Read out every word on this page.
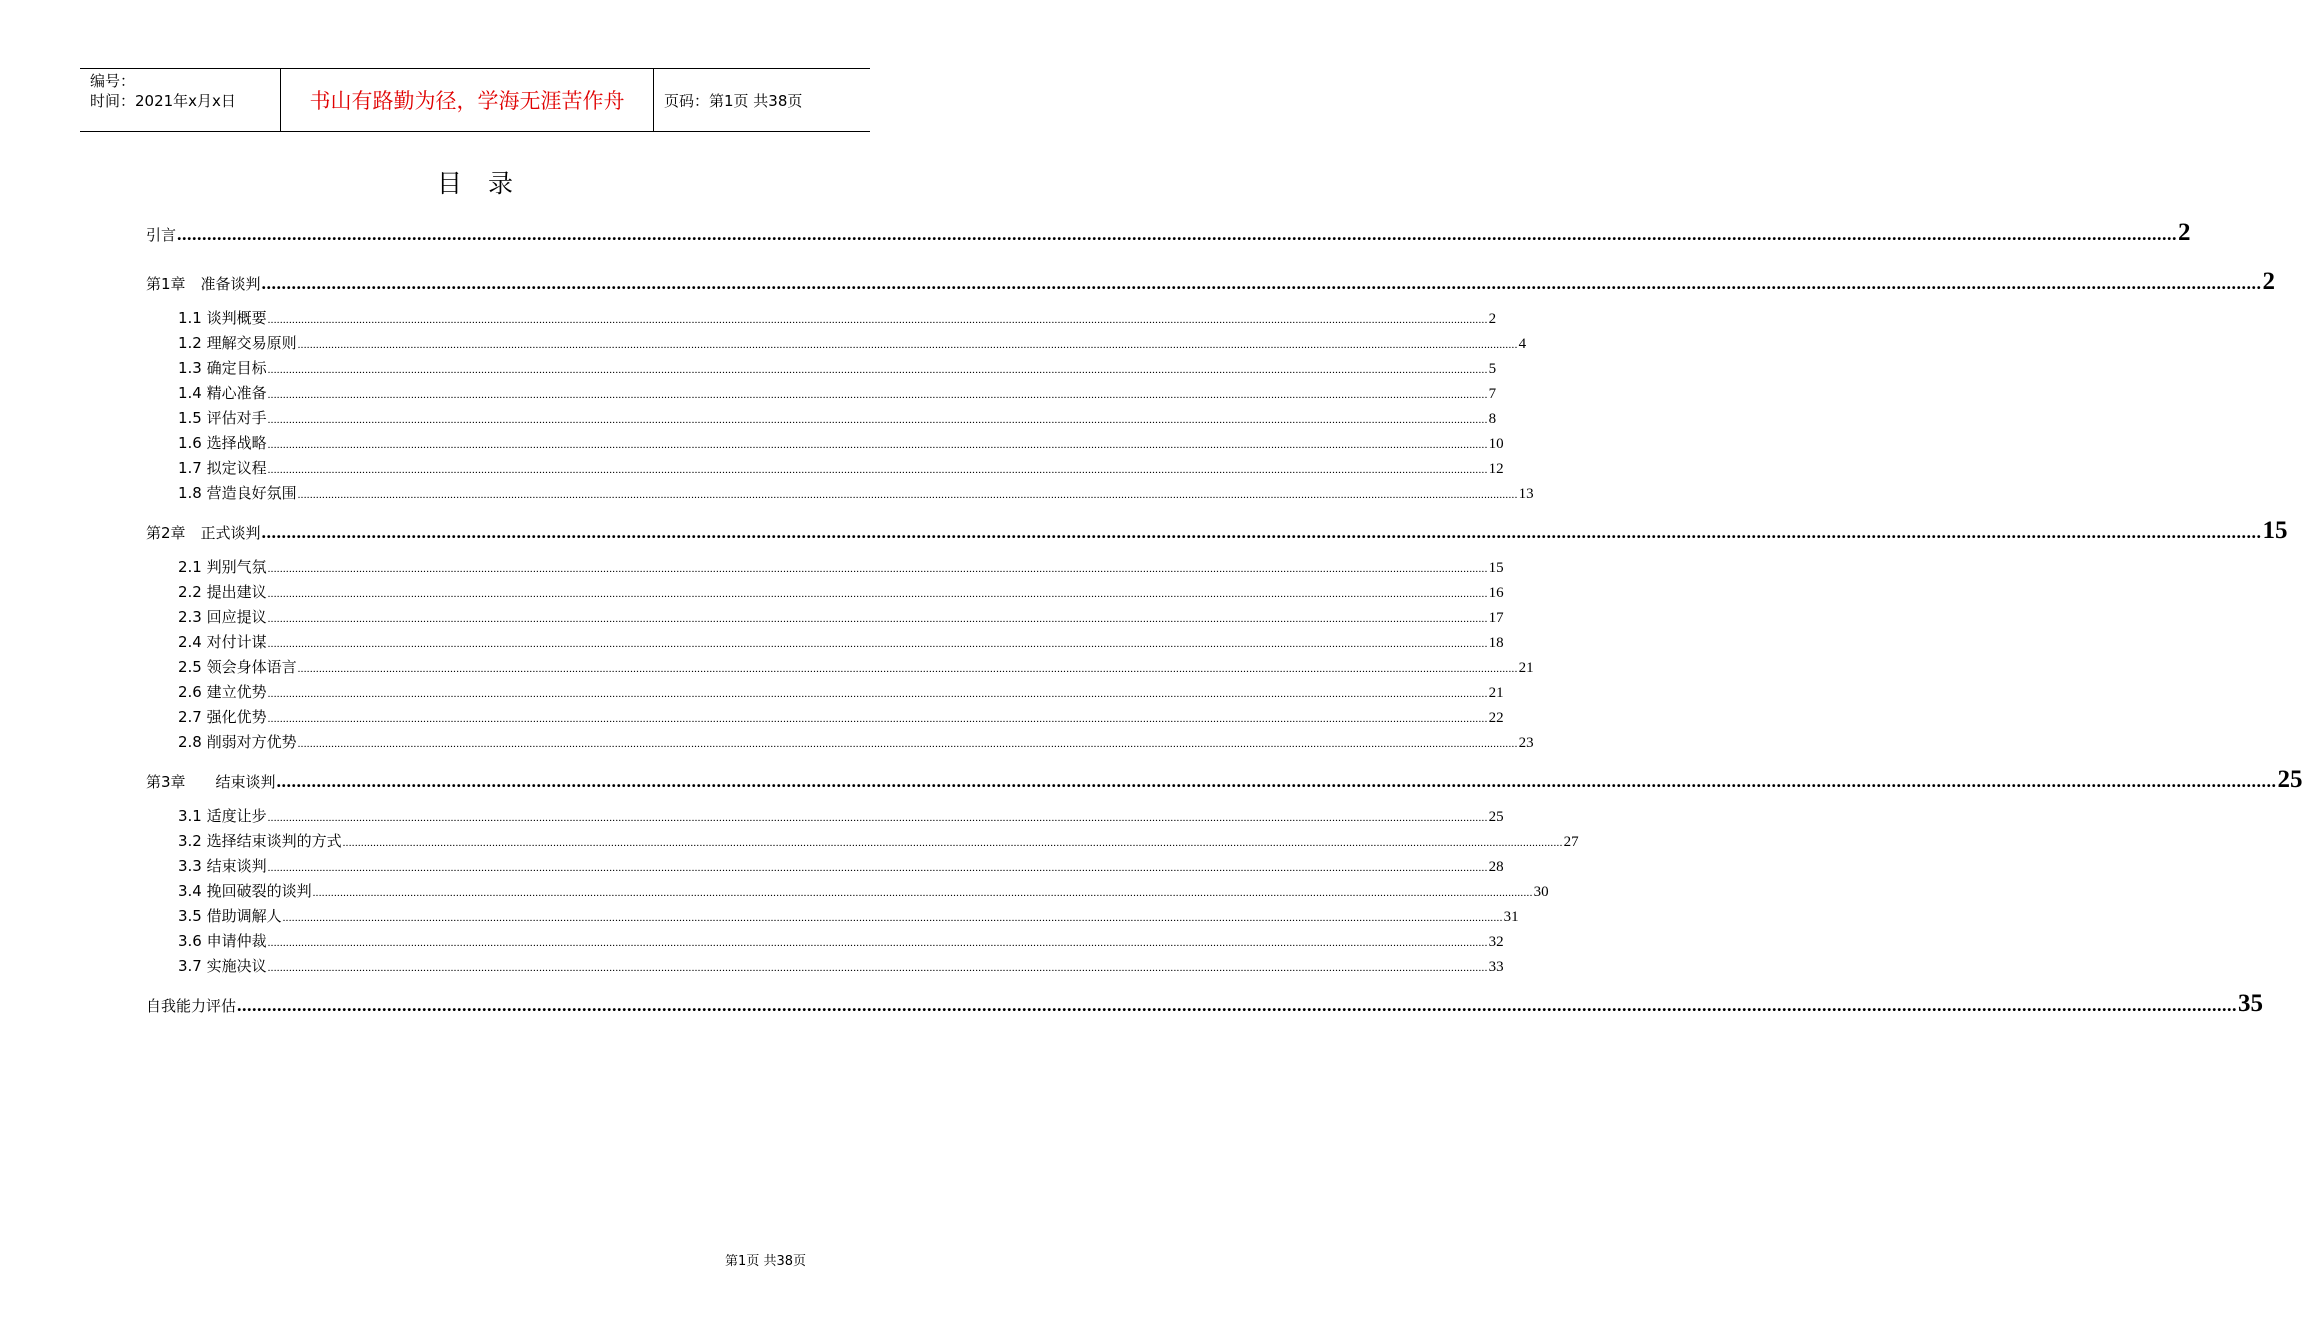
编号：
时间：2021年x月x日	书山有路勤为径，学海无涯苦作舟	页码：第1页 共38页
目录
引言 ................................................................................................................................................................................................................................................................................................................................................................................................................ 2
第1章　准备谈判 ................................................................................................................................................................................................................................................................................................................................................................................................................ 2
1.1 谈判概要 ................................................................................................................................................................................................................................................................................................................................................................................................................ 2
1.2 理解交易原则 ................................................................................................................................................................................................................................................................................................................................................................................................................ 4
1.3 确定目标 ................................................................................................................................................................................................................................................................................................................................................................................................................ 5
1.4 精心准备 ................................................................................................................................................................................................................................................................................................................................................................................................................ 7
1.5 评估对手 ................................................................................................................................................................................................................................................................................................................................................................................................................ 8
1.6 选择战略 ................................................................................................................................................................................................................................................................................................................................................................................................................ 10
1.7 拟定议程 ................................................................................................................................................................................................................................................................................................................................................................................................................ 12
1.8 营造良好氛围 ................................................................................................................................................................................................................................................................................................................................................................................................................ 13
第2章　正式谈判 ................................................................................................................................................................................................................................................................................................................................................................................................................ 15
2.1 判别气氛 ................................................................................................................................................................................................................................................................................................................................................................................................................ 15
2.2 提出建议 ................................................................................................................................................................................................................................................................................................................................................................................................................ 16
2.3 回应提议 ................................................................................................................................................................................................................................................................................................................................................................................................................ 17
2.4 对付计谋 ................................................................................................................................................................................................................................................................................................................................................................................................................ 18
2.5 领会身体语言 ................................................................................................................................................................................................................................................................................................................................................................................................................ 21
2.6 建立优势 ................................................................................................................................................................................................................................................................................................................................................................................................................ 21
2.7 强化优势 ................................................................................................................................................................................................................................................................................................................................................................................................................ 22
2.8 削弱对方优势 ................................................................................................................................................................................................................................................................................................................................................................................................................ 23
第3章　　结束谈判 ................................................................................................................................................................................................................................................................................................................................................................................................................ 25
3.1 适度让步 ................................................................................................................................................................................................................................................................................................................................................................................................................ 25
3.2 选择结束谈判的方式 ................................................................................................................................................................................................................................................................................................................................................................................................................ 27
3.3 结束谈判 ................................................................................................................................................................................................................................................................................................................................................................................................................ 28
3.4 挽回破裂的谈判 ................................................................................................................................................................................................................................................................................................................................................................................................................ 30
3.5 借助调解人 ................................................................................................................................................................................................................................................................................................................................................................................................................ 31
3.6 申请仲裁 ................................................................................................................................................................................................................................................................................................................................................................................................................ 32
3.7 实施决议 ................................................................................................................................................................................................................................................................................................................................................................................................................ 33
自我能力评估 ................................................................................................................................................................................................................................................................................................................................................................................................................ 35
第1页 共38页
